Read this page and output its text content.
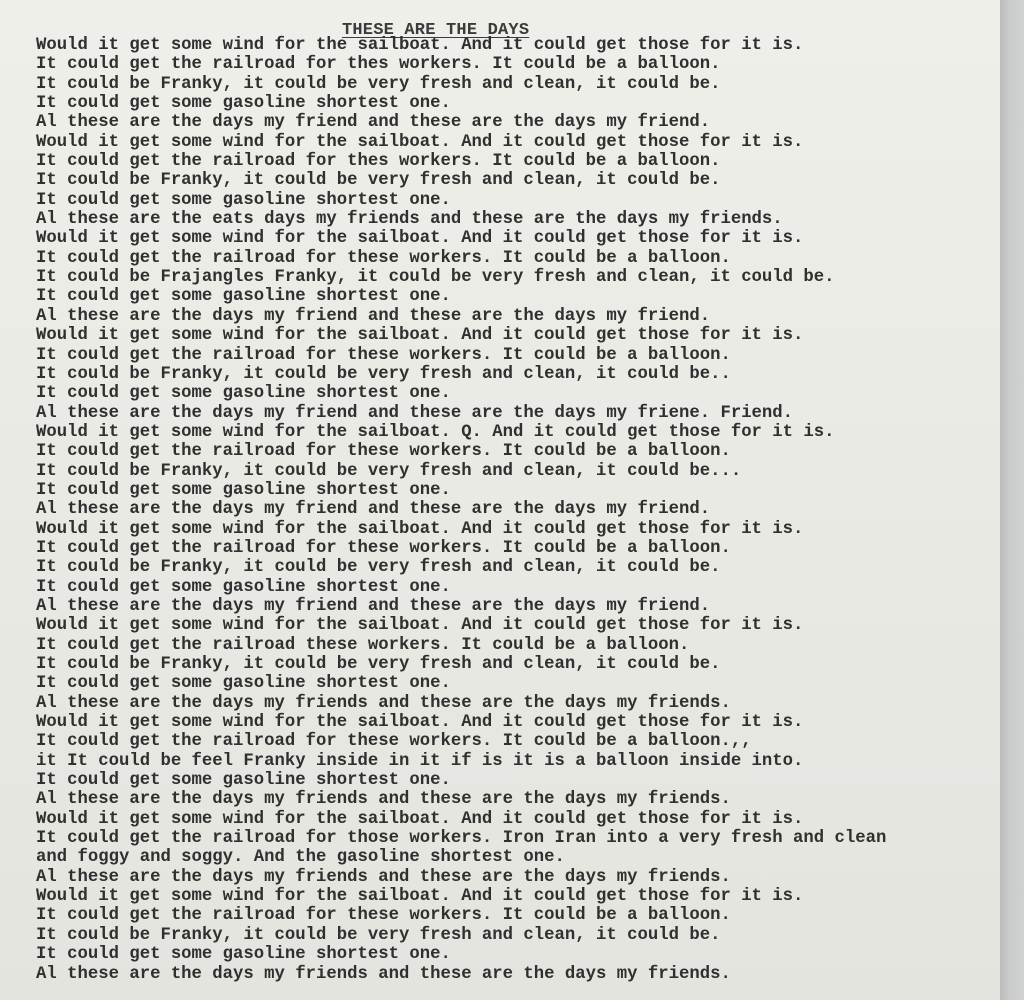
THESE ARE THE DAYS
Would it get some wind for the sailboat. And it could get those for it is.
It could get the railroad for thes workers. It could be a balloon.
It could be Franky, it could be very fresh and clean, it could be.
It could get some gasoline shortest one.
Al these are the days my friend and these are the days my friend.
Would it get some wind for the sailboat. And it could get those for it is.
It could get the railroad for thes workers. It could be a balloon.
It could be Franky, it could be very fresh and clean, it could be.
It could get some gasoline shortest one.
Al these are the eats days my friends and these are the days my friends.
Would it get some wind for the sailboat. And it could get those for it is.
It could get the railroad for these workers. It could be a balloon.
It could be Frajangles Franky, it could be very fresh and clean, it could be.
It could get some gasoline shortest one.
Al these are the days my friend and these are the days my friend.
Would it get some wind for the sailboat. And it could get those for it is.
It could get the railroad for these workers. It could be a balloon.
It could be Franky, it could be very fresh and clean, it could be..
It could get some gasoline shortest one.
Al these are the days my friend and these are the days my friene. Friend.
Would it get some wind for the sailboat. Q. And it could get those for it is.
It could get the railroad for these workers. It could be a balloon.
It could be Franky, it could be very fresh and clean, it could be...
It could get some gasoline shortest one.
Al these are the days my friend and these are the days my friend.
Would it get some wind for the sailboat. And it could get those for it is.
It could get the railroad for these workers. It could be a balloon.
It could be Franky, it could be very fresh and clean, it could be.
It could get some gasoline shortest one.
Al these are the days my friend and these are the days my friend.
Would it get some wind for the sailboat. And it could get those for it is.
It could get the railroad these workers. It could be a balloon.
It could be Franky, it could be very fresh and clean, it could be.
It could get some gasoline shortest one.
Al these are the days my friends and these are the days my friends.
Would it get some wind for the sailboat. And it could get those for it is.
It could get the railroad for these workers. It could be a balloon.,,
it It could be feel Franky inside in it if is it is a balloon inside into.
It could get some gasoline shortest one.
Al these are the days my friends and these are the days my friends.
Would it get some wind for the sailboat. And it could get those for it is.
It could get the railroad for those workers. Iron Iran into a very fresh and clean
and foggy and soggy. And the gasoline shortest one.
Al these are the days my friends and these are the days my friends.
Would it get some wind for the sailboat. And it could get those for it is.
It could get the railroad for these workers. It could be a balloon.
It could be Franky, it could be very fresh and clean, it could be.
It could get some gasoline shortest one.
Al these are the days my friends and these are the days my friends.
